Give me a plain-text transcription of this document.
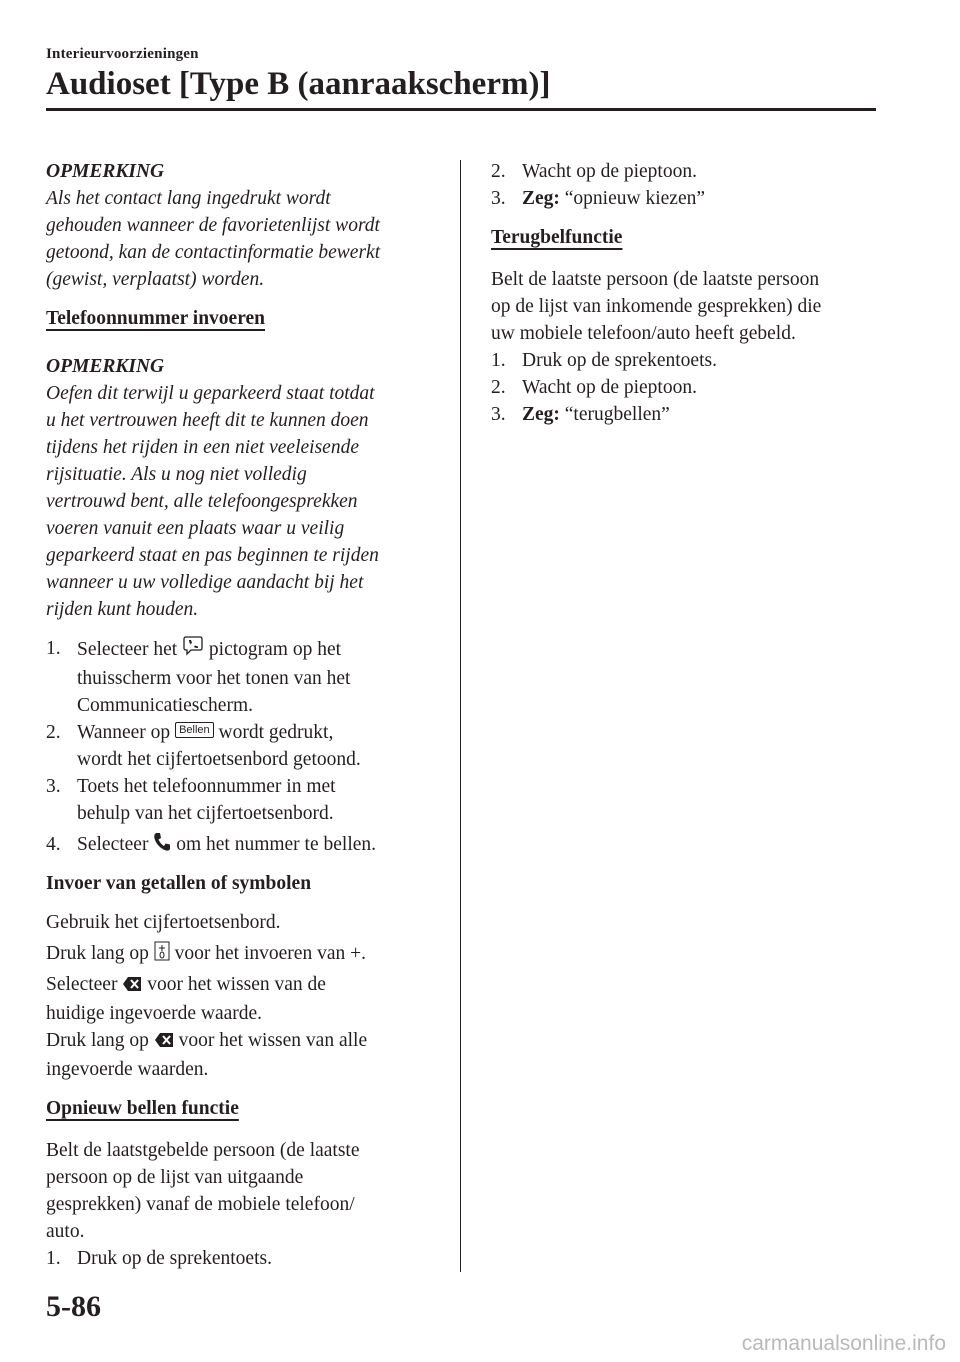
Interieurvoorzieningen
Audioset [Type B (aanraakscherm)]

OPMERKING

Als het contact lang ingedrukt wordt

gehouden wanneer de favorietenlijst wordt

getoond, kan de contactinformatie bewerkt

(gewist, verplaatst) worden.

Telefoonnummer invoeren

OPMERKING

Oefen dit terwijl u geparkeerd staat totdat

u het vertrouwen heeft dit te kunnen doen

tijdens het rijden in een niet veeleisende

rijsituatie. Als u nog niet volledig

vertrouwd bent, alle telefoongesprekken

voeren vanuit een plaats waar u veilig

geparkeerd staat en pas beginnen te rijden

wanneer u uw volledige aandacht bij het

rijden kunt houden.

1. Selecteer het  pictogram op het
thuisscherm voor het tonen van het
Communicatiescherm.
2. Wanneer op Bellen wordt gedrukt,
wordt het cijfertoetsenbord getoond.
3. Toets het telefoonnummer in met
behulp van het cijfertoetsenbord.
4. Selecteer  om het nummer te bellen.

Invoer van getallen of symbolen

Gebruik het cijfertoetsenbord.

Druk lang op  voor het invoeren van +.

Selecteer  voor het wissen van de
huidige ingevoerde waarde.

Druk lang op  voor het wissen van alle
ingevoerde waarden.

Opnieuw bellen functie

Belt de laatstgebelde persoon (de laatste

persoon op de lijst van uitgaande

gesprekken) vanaf de mobiele telefoon/

auto.

1. Druk op de sprekentoets.
2. Wacht op de pieptoon.
3. Zeg: “opnieuw kiezen”
Terugbelfunctie

Belt de laatste persoon (de laatste persoon

op de lijst van inkomende gesprekken) die

uw mobiele telefoon/auto heeft gebeld.

1. Druk op de sprekentoets.
2. Wacht op de pieptoon.
3. Zeg: “terugbellen”
5-86
carmanualsonline.info
